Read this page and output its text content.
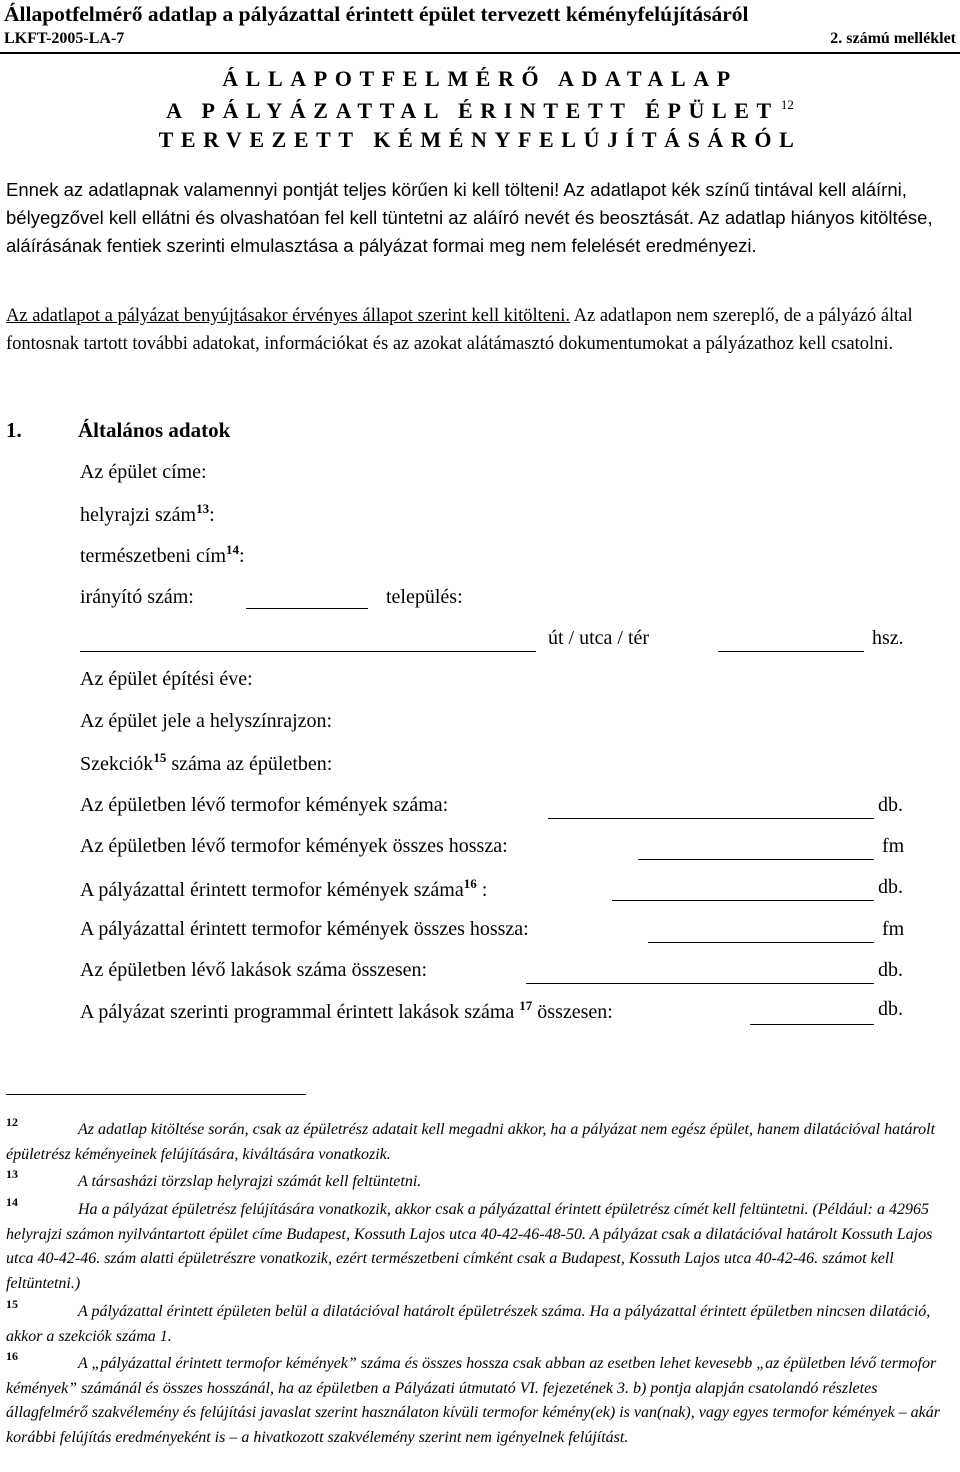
Állapotfelmérő adatlap a pályázattal érintett épület tervezett kéményfelújításáról
LKFT-2005-LA-7	2. számú melléklet
ÁLLAPOTFELMÉRŐ ADATALAP
A PÁLYÁZATTAL ÉRINTETT ÉPÜLET $^{12}$
TERVEZETT KÉMÉNYFELÚJÍTÁSÁRÓL

Ennek az adatlapnak valamennyi pontját teljes körűen ki kell tölteni! Az adatlapot kék színű tintával kell aláírni, bélyegzővel kell ellátni és olvashatóan fel kell tüntetni az aláíró nevét és beosztását. Az adatlap hiányos kitöltése, aláírásának fentiek szerinti elmulasztása a pályázat formai meg nem felelését eredményezi.

Az adatlapot a pályázat benyújtásakor érvényes állapot szerint kell kitölteni. Az adatlapon nem szereplő, de a pályázó által fontosnak tartott további adatokat, információkat és az azokat alátámasztó dokumentumokat a pályázathoz kell csatolni.

1.	Általános adatok
Az épület címe:
helyrajzi szám$^{13}$:
természetbeni cím$^{14}$:
irányító szám:	település:
út / utca / tér	hsz.
Az épület építési éve:
Az épület jele a helyszínrajzon:
Szekciók$^{15}$ száma az épületben:
Az épületben lévő termofor kémények száma:	db.
Az épületben lévő termofor kémények összes hossza:	fm
A pályázattal érintett termofor kémények száma$^{16}$ :	db.
A pályázattal érintett termofor kémények összes hossza:	fm
Az épületben lévő lakások száma összesen:	db.
A pályázat szerinti programmal érintett lakások száma $^{17}$ összesen:	db.

12	Az adatlap kitöltése során, csak az épületrész adatait kell megadni akkor, ha a pályázat nem egész épület, hanem dilatációval határolt épületrész kéményeinek felújítására, kiváltására vonatkozik.

13	A társasházi törzslap helyrajzi számát kell feltüntetni.

14	Ha a pályázat épületrész felújítására vonatkozik, akkor csak a pályázattal érintett épületrész címét kell feltüntetni. (Például: a 42965 helyrajzi számon nyilvántartott épület címe Budapest, Kossuth Lajos utca 40-42-46-48-50. A pályázat csak a dilatációval határolt Kossuth Lajos utca 40-42-46. szám alatti épületrészre vonatkozik, ezért természetbeni címként csak a Budapest, Kossuth Lajos utca 40-42-46. számot kell feltüntetni.)

15	A pályázattal érintett épületen belül a dilatációval határolt épületrészek száma. Ha a pályázattal érintett épületben nincsen dilatáció, akkor a szekciók száma 1.

16	A „pályázattal érintett termofor kémények” száma és összes hossza csak abban az esetben lehet kevesebb „az épületben lévő termofor kémények” számánál és összes hosszánál, ha az épületben a Pályázati útmutató VI. fejezetének 3. b) pontja alapján csatolandó részletes állagfelmérő szakvélemény és felújítási javaslat szerint használaton kívüli termofor kémény(ek) is van(nak), vagy egyes termofor kémények – akár korábbi felújítás eredményeként is – a hivatkozott szakvélemény szerint nem igényelnek felújítást.
